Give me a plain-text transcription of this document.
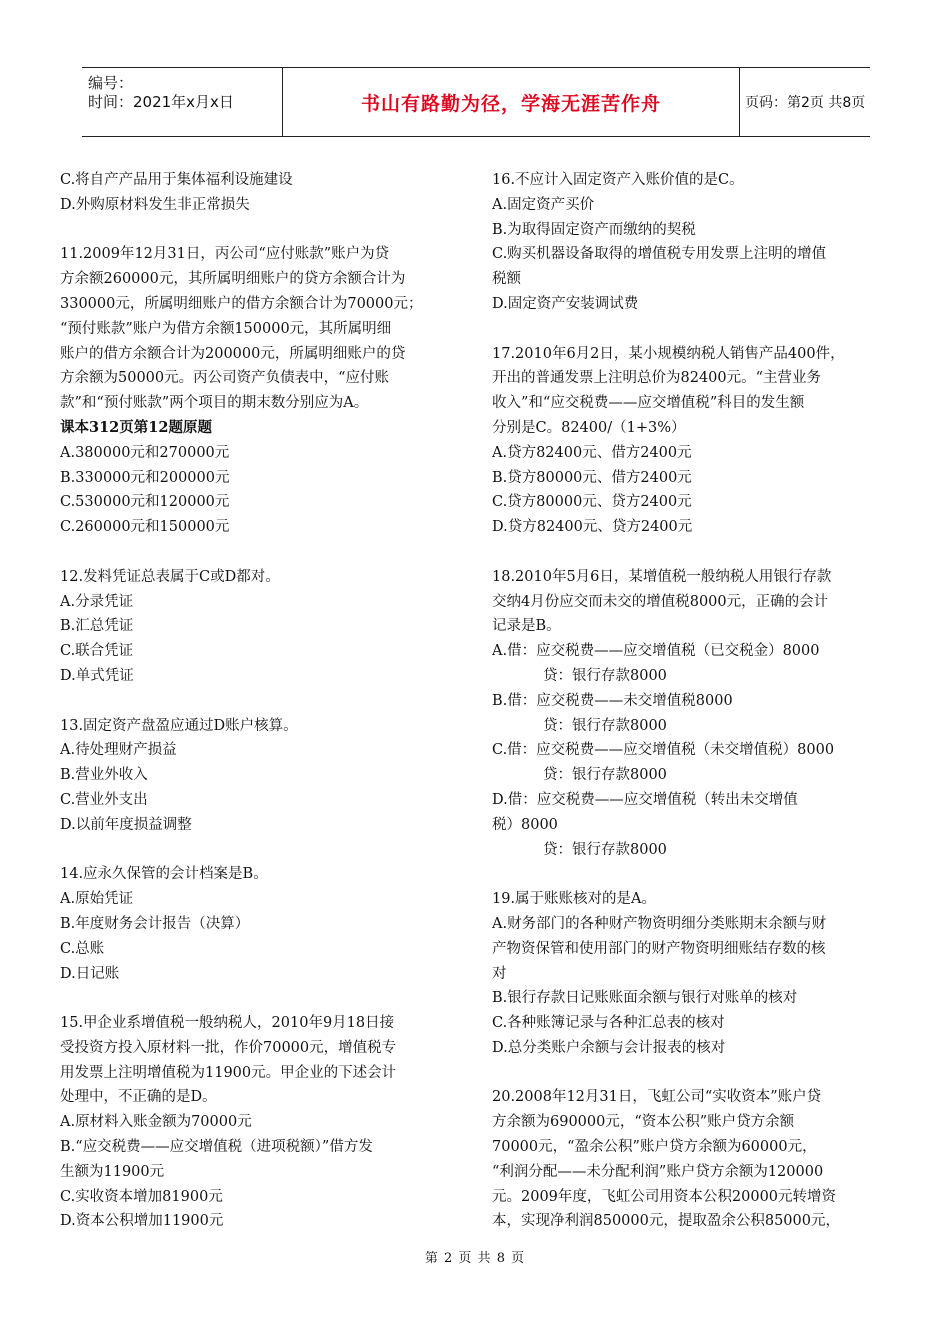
编号：
时间：2021年x月x日	书山有路勤为径，学海无涯苦作舟	页码：第2页 共8页
C.将自产产品用于集体福利设施建设
D.外购原材料发生非正常损失
11.2009年12月31日，丙公司“应付账款”账户为贷
方余额260000元，其所属明细账户的贷方余额合计为
330000元，所属明细账户的借方余额合计为70000元；
“预付账款”账户为借方余额150000元，其所属明细
账户的借方余额合计为200000元，所属明细账户的贷
方余额为50000元。丙公司资产负债表中，“应付账
款”和“预付账款”两个项目的期末数分别应为A。
课本312页第12题原题
A.380000元和270000元
B.330000元和200000元
C.530000元和120000元
C.260000元和150000元
12.发料凭证总表属于C或D都对。
A.分录凭证
B.汇总凭证
C.联合凭证
D.单式凭证
13.固定资产盘盈应通过D账户核算。
A.待处理财产损益
B.营业外收入
C.营业外支出
D.以前年度损益调整
14.应永久保管的会计档案是B。
A.原始凭证
B.年度财务会计报告（决算）
C.总账
D.日记账
15.甲企业系增值税一般纳税人，2010年9月18日接
受投资方投入原材料一批，作价70000元，增值税专
用发票上注明增值税为11900元。甲企业的下述会计
处理中，不正确的是D。
A.原材料入账金额为70000元
B.“应交税费——应交增值税（进项税额）”借方发
生额为11900元
C.实收资本增加81900元
D.资本公积增加11900元
16.不应计入固定资产入账价值的是C。
A.固定资产买价
B.为取得固定资产而缴纳的契税
C.购买机器设备取得的增值税专用发票上注明的增值
税额
D.固定资产安装调试费
17.2010年6月2日，某小规模纳税人销售产品400件，
开出的普通发票上注明总价为82400元。“主营业务
收入”和“应交税费——应交增值税”科目的发生额
分别是C。82400/（1+3%）
A.贷方82400元、借方2400元
B.贷方80000元、借方2400元
C.贷方80000元、贷方2400元
D.贷方82400元、贷方2400元
18.2010年5月6日，某增值税一般纳税人用银行存款
交纳4月份应交而未交的增值税8000元，正确的会计
记录是B。
A.借：应交税费——应交增值税（已交税金）8000
贷：银行存款8000
B.借：应交税费——未交增值税8000
贷：银行存款8000
C.借：应交税费——应交增值税（未交增值税）8000
贷：银行存款8000
D.借：应交税费——应交增值税（转出未交增值
税）8000
贷：银行存款8000
19.属于账账核对的是A。
A.财务部门的各种财产物资明细分类账期末余额与财
产物资保管和使用部门的财产物资明细账结存数的核
对
B.银行存款日记账账面余额与银行对账单的核对
C.各种账簿记录与各种汇总表的核对
D.总分类账户余额与会计报表的核对
20.2008年12月31日，飞虹公司“实收资本”账户贷
方余额为690000元，“资本公积”账户贷方余额
70000元，“盈余公积”账户贷方余额为60000元，
“利润分配——未分配利润”账户贷方余额为120000
元。2009年度，飞虹公司用资本公积20000元转增资
本，实现净利润850000元，提取盈余公积85000元，
第 2 页 共 8 页
